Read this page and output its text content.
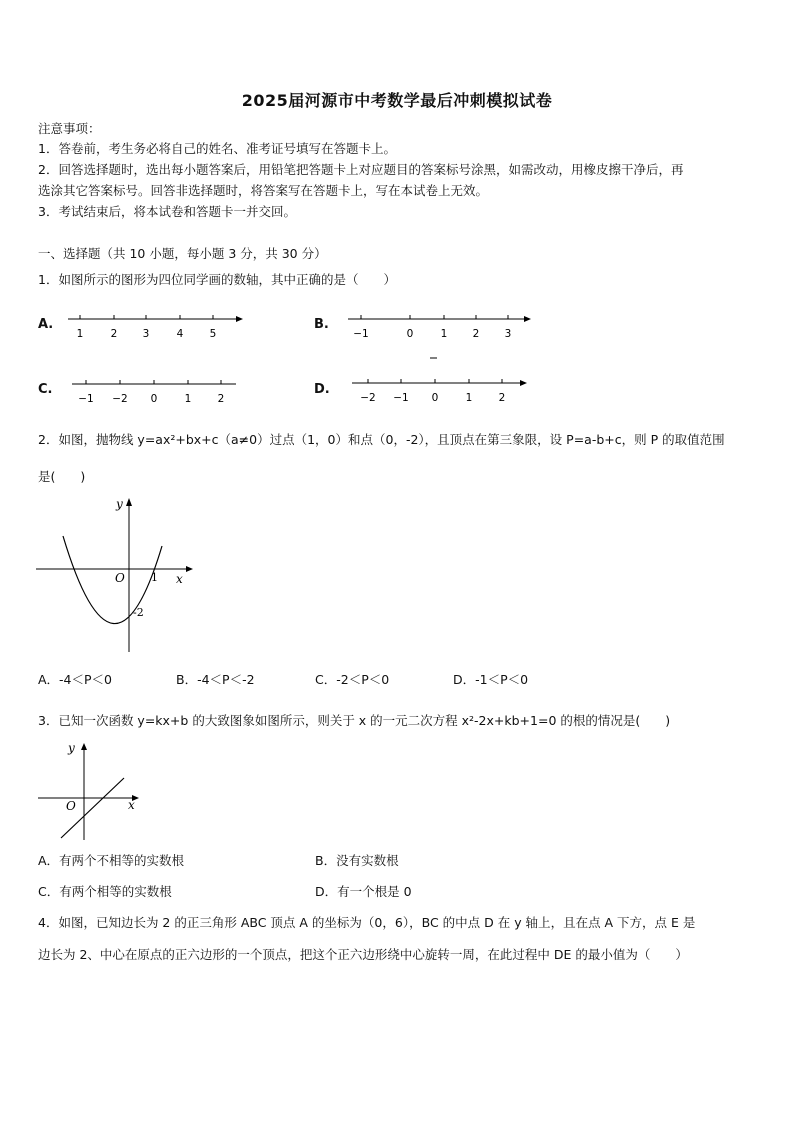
2025届河源市中考数学最后冲刺模拟试卷
注意事项：
1．答卷前，考生务必将自己的姓名、准考证号填写在答题卡上。
2．回答选择题时，选出每小题答案后，用铅笔把答题卡上对应题目的答案标号涂黑，如需改动，用橡皮擦干净后，再
选涂其它答案标号。回答非选择题时，将答案写在答题卡上，写在本试卷上无效。
3．考试结束后，将本试卷和答题卡一并交回。
一、选择题（共 10 小题，每小题 3 分，共 30 分）
1．如图所示的图形为四位同学画的数轴，其中正确的是（　　）
A.
1	2 3	4	5
B.
−1	0	1 2 3
C.
−1 −2 0	1	2
D.
−2 −1 0	1	2
2．如图，抛物线 y=ax²+bx+c（a≠0）过点（1，0）和点（0，-2），且顶点在第三象限，设 P=a-b+c，则 P 的取值范围
是(　　)
y
x
O 1
-2
A．-4＜P＜0	B．-4＜P＜-2	C．-2＜P＜0	D．-1＜P＜0
3．已知一次函数 y=kx+b 的大致图象如图所示，则关于 x 的一元二次方程 x²-2x+kb+1=0 的根的情况是(　　)
y
x
O
A．有两个不相等的实数根	B．没有实数根
C．有两个相等的实数根	D．有一个根是 0
4．如图，已知边长为 2 的正三角形 ABC 顶点 A 的坐标为（0，6），BC 的中点 D 在 y 轴上，且在点 A 下方，点 E 是
边长为 2、中心在原点的正六边形的一个顶点，把这个正六边形绕中心旋转一周，在此过程中 DE 的最小值为（　　）
